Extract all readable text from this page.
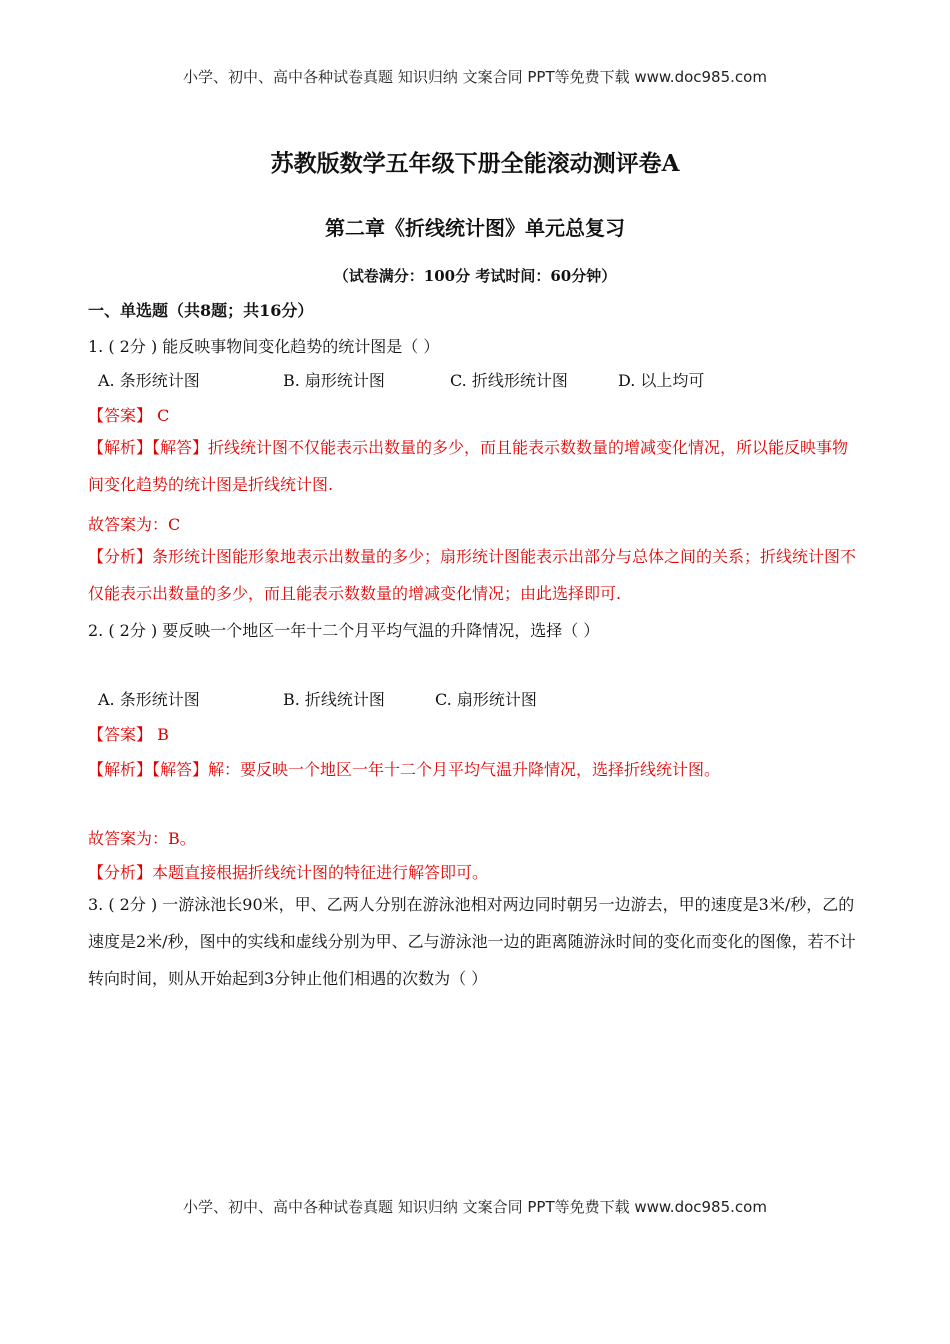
小学、初中、高中各种试卷真题 知识归纳 文案合同 PPT等免费下载 www.doc985.com
苏教版数学五年级下册全能滚动测评卷A
第二章《折线统计图》单元总复习
（试卷满分：100分 考试时间：60分钟）
一、单选题（共8题；共16分）
1. ( 2分 ) 能反映事物间变化趋势的统计图是（ ）
A. 条形统计图	B. 扇形统计图	C. 折线形统计图	D. 以上均可
【答案】 C
【解析】【解答】折线统计图不仅能表示出数量的多少，而且能表示数数量的增减变化情况，所以能反映事物间变化趋势的统计图是折线统计图.
故答案为：C
【分析】条形统计图能形象地表示出数量的多少；扇形统计图能表示出部分与总体之间的关系；折线统计图不仅能表示出数量的多少，而且能表示数数量的增减变化情况；由此选择即可.
2. ( 2分 ) 要反映一个地区一年十二个月平均气温的升降情况，选择（ ）
A. 条形统计图	B. 折线统计图	C. 扇形统计图
【答案】 B
【解析】【解答】解：要反映一个地区一年十二个月平均气温升降情况，选择折线统计图。
故答案为：B。
【分析】本题直接根据折线统计图的特征进行解答即可。
3. ( 2分 ) 一游泳池长90米，甲、乙两人分别在游泳池相对两边同时朝另一边游去，甲的速度是3米/秒，乙的速度是2米/秒，图中的实线和虚线分别为甲、乙与游泳池一边的距离随游泳时间的变化而变化的图像，若不计转向时间，则从开始起到3分钟止他们相遇的次数为（ ）
小学、初中、高中各种试卷真题 知识归纳 文案合同 PPT等免费下载 www.doc985.com
